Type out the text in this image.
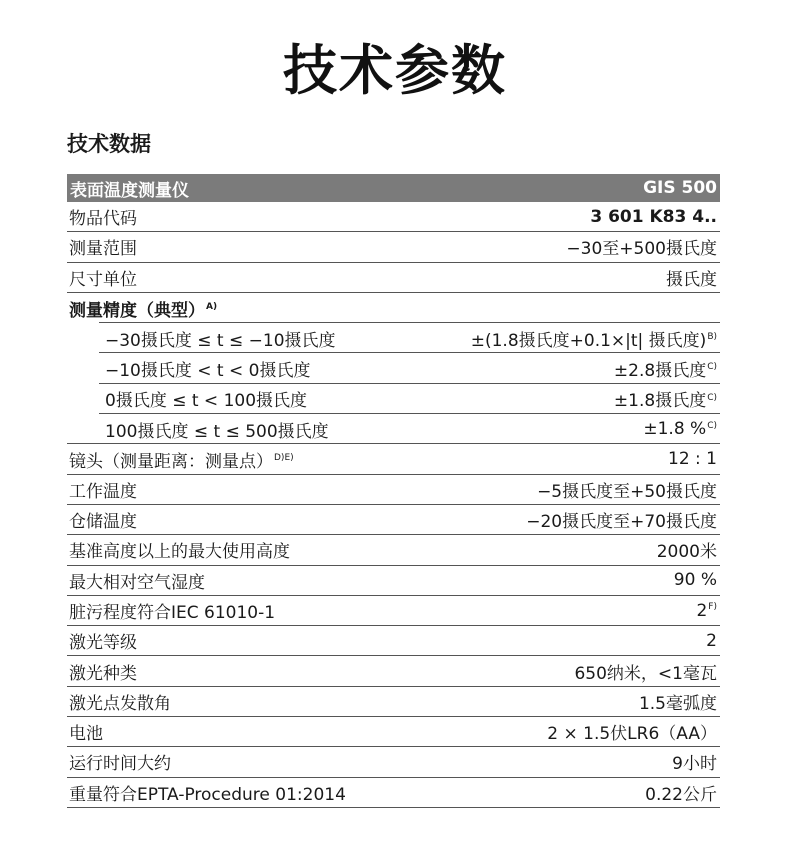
技术参数
技术数据
表面温度测量仪	GIS 500
物品代码	3 601 K83 4..
测量范围	−30至+500摄氏度
尺寸单位	摄氏度
测量精度（典型）$^{A)}$
−30摄氏度 ≤ t ≤ −10摄氏度	±(1.8摄氏度+0.1×|t| 摄氏度)$^{B)}$
−10摄氏度 < t < 0摄氏度	±2.8摄氏度$^{C)}$
0摄氏度 ≤ t < 100摄氏度	±1.8摄氏度$^{C)}$
100摄氏度 ≤ t ≤ 500摄氏度	±1.8 %$^{C)}$
镜头（测量距离：测量点）$^{D)E)}$	12 : 1
工作温度	−5摄氏度至+50摄氏度
仓储温度	−20摄氏度至+70摄氏度
基准高度以上的最大使用高度	2000米
最大相对空气湿度	90 %
脏污程度符合IEC 61010-1	$2^{F)}$
激光等级	2
激光种类	650纳米，<1毫瓦
激光点发散角	1.5毫弧度
电池	2 × 1.5伏LR6（AA）
运行时间大约	9小时
重量符合EPTA-Procedure 01:2014	0.22公斤
